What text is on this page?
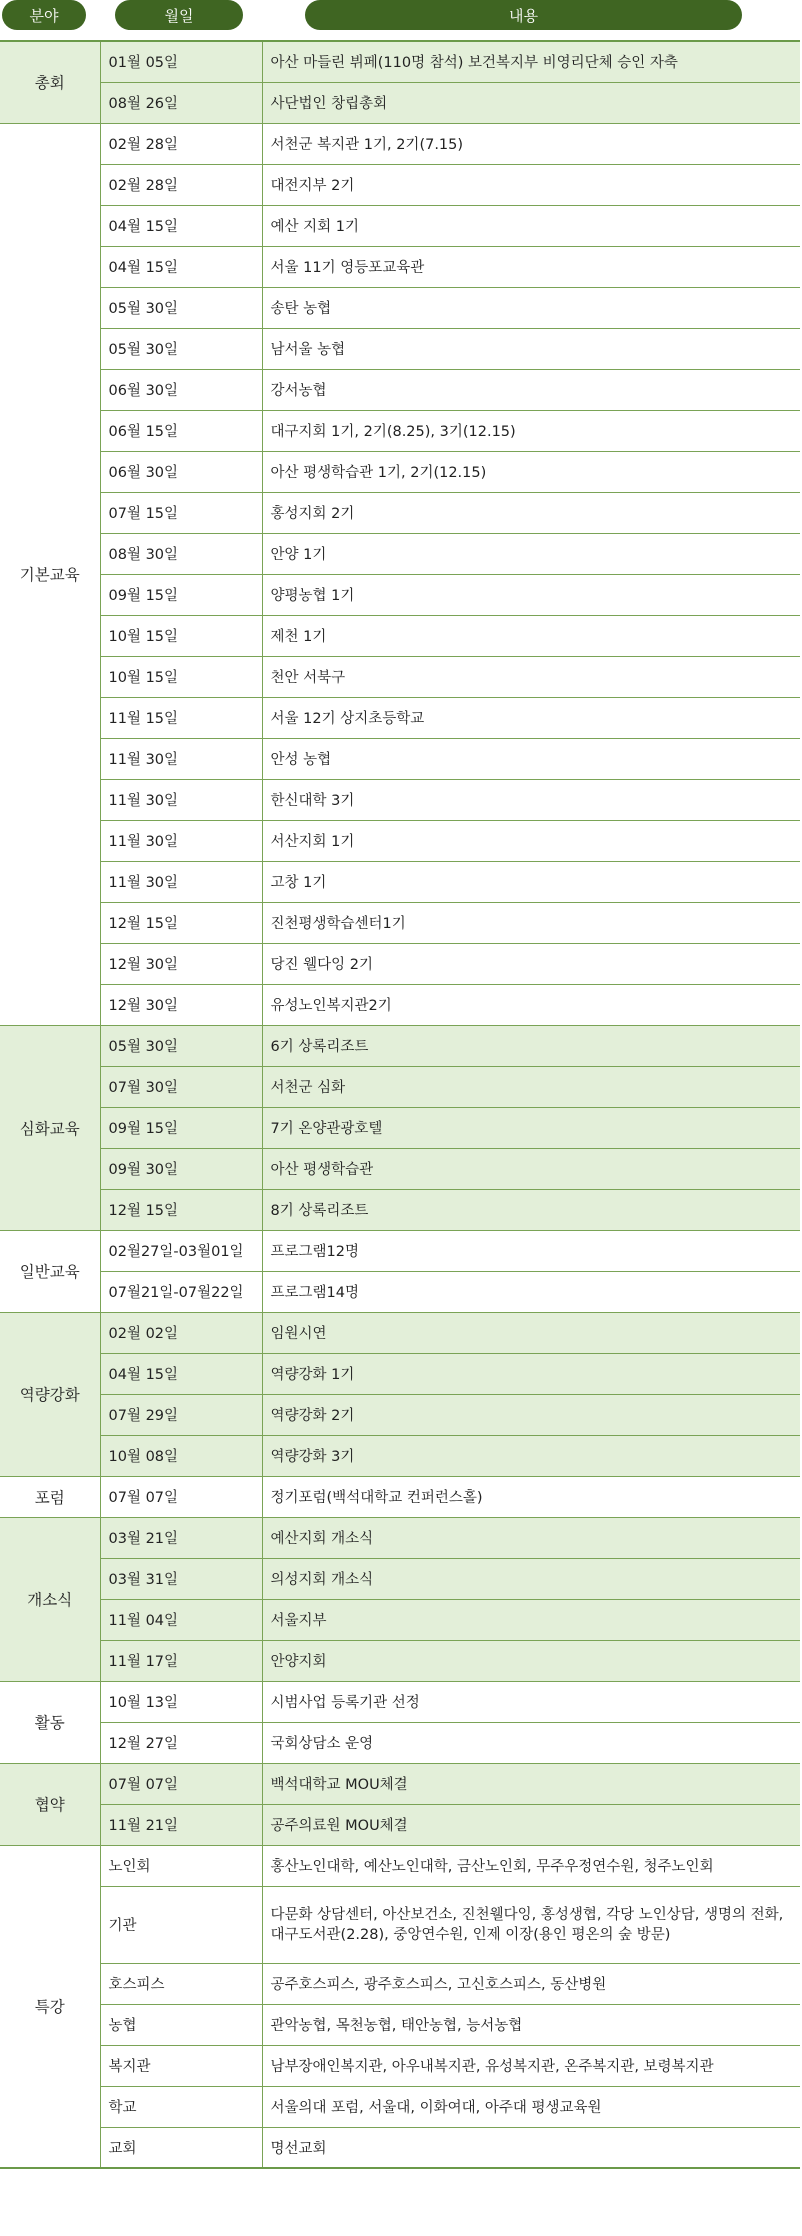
분야	월일	내용
총회	01월 05일	아산 마들린 뷔페(110명 참석) 보건복지부 비영리단체 승인 자축
	08월 26일	사단법인 창립총회
기본교육	02월 28일	서천군 복지관 1기, 2기(7.15)
	02월 28일	대전지부 2기
	04월 15일	예산 지회 1기
	04월 15일	서울 11기 영등포교육관
	05월 30일	송탄 농협
	05월 30일	남서울 농협
	06월 30일	강서농협
	06월 15일	대구지회 1기, 2기(8.25), 3기(12.15)
	06월 30일	아산 평생학습관 1기, 2기(12.15)
	07월 15일	홍성지회 2기
	08월 30일	안양 1기
	09월 15일	양평농협 1기
	10월 15일	제천 1기
	10월 15일	천안 서북구
	11월 15일	서울 12기 상지초등학교
	11월 30일	안성 농협
	11월 30일	한신대학 3기
	11월 30일	서산지회 1기
	11월 30일	고창 1기
	12월 15일	진천평생학습센터1기
	12월 30일	당진 웰다잉 2기
	12월 30일	유성노인복지관2기
심화교육	05월 30일	6기 상록리조트
	07월 30일	서천군 심화
	09월 15일	7기 온양관광호텔
	09월 30일	아산 평생학습관
	12월 15일	8기 상록리조트
일반교육	02월27일-03월01일	프로그램12명
	07월21일-07월22일	프로그램14명
역량강화	02월 02일	임원시연
	04월 15일	역량강화 1기
	07월 29일	역량강화 2기
	10월 08일	역량강화 3기
포럼	07월 07일	정기포럼(백석대학교 컨퍼런스홀)
개소식	03월 21일	예산지회 개소식
	03월 31일	의성지회 개소식
	11월 04일	서울지부
	11월 17일	안양지회
활동	10월 13일	시범사업 등록기관 선정
	12월 27일	국회상담소 운영
협약	07월 07일	백석대학교 MOU체결
	11월 21일	공주의료원 MOU체결
특강	노인회	홍산노인대학, 예산노인대학, 금산노인회, 무주우정연수원, 청주노인회
	기관	다문화 상담센터, 아산보건소, 진천웰다잉, 홍성생협, 각당 노인상담, 생명의 전화, 대구도서관(2.28), 중앙연수원, 인제 이장(용인 평온의 숲 방문)
	호스피스	공주호스피스, 광주호스피스, 고신호스피스, 동산병원
	농협	관악농협, 목천농협, 태안농협, 능서농협
	복지관	남부장애인복지관, 아우내복지관, 유성복지관, 온주복지관, 보령복지관
	학교	서울의대 포럼, 서울대, 이화여대, 아주대 평생교육원
	교회	명선교회
